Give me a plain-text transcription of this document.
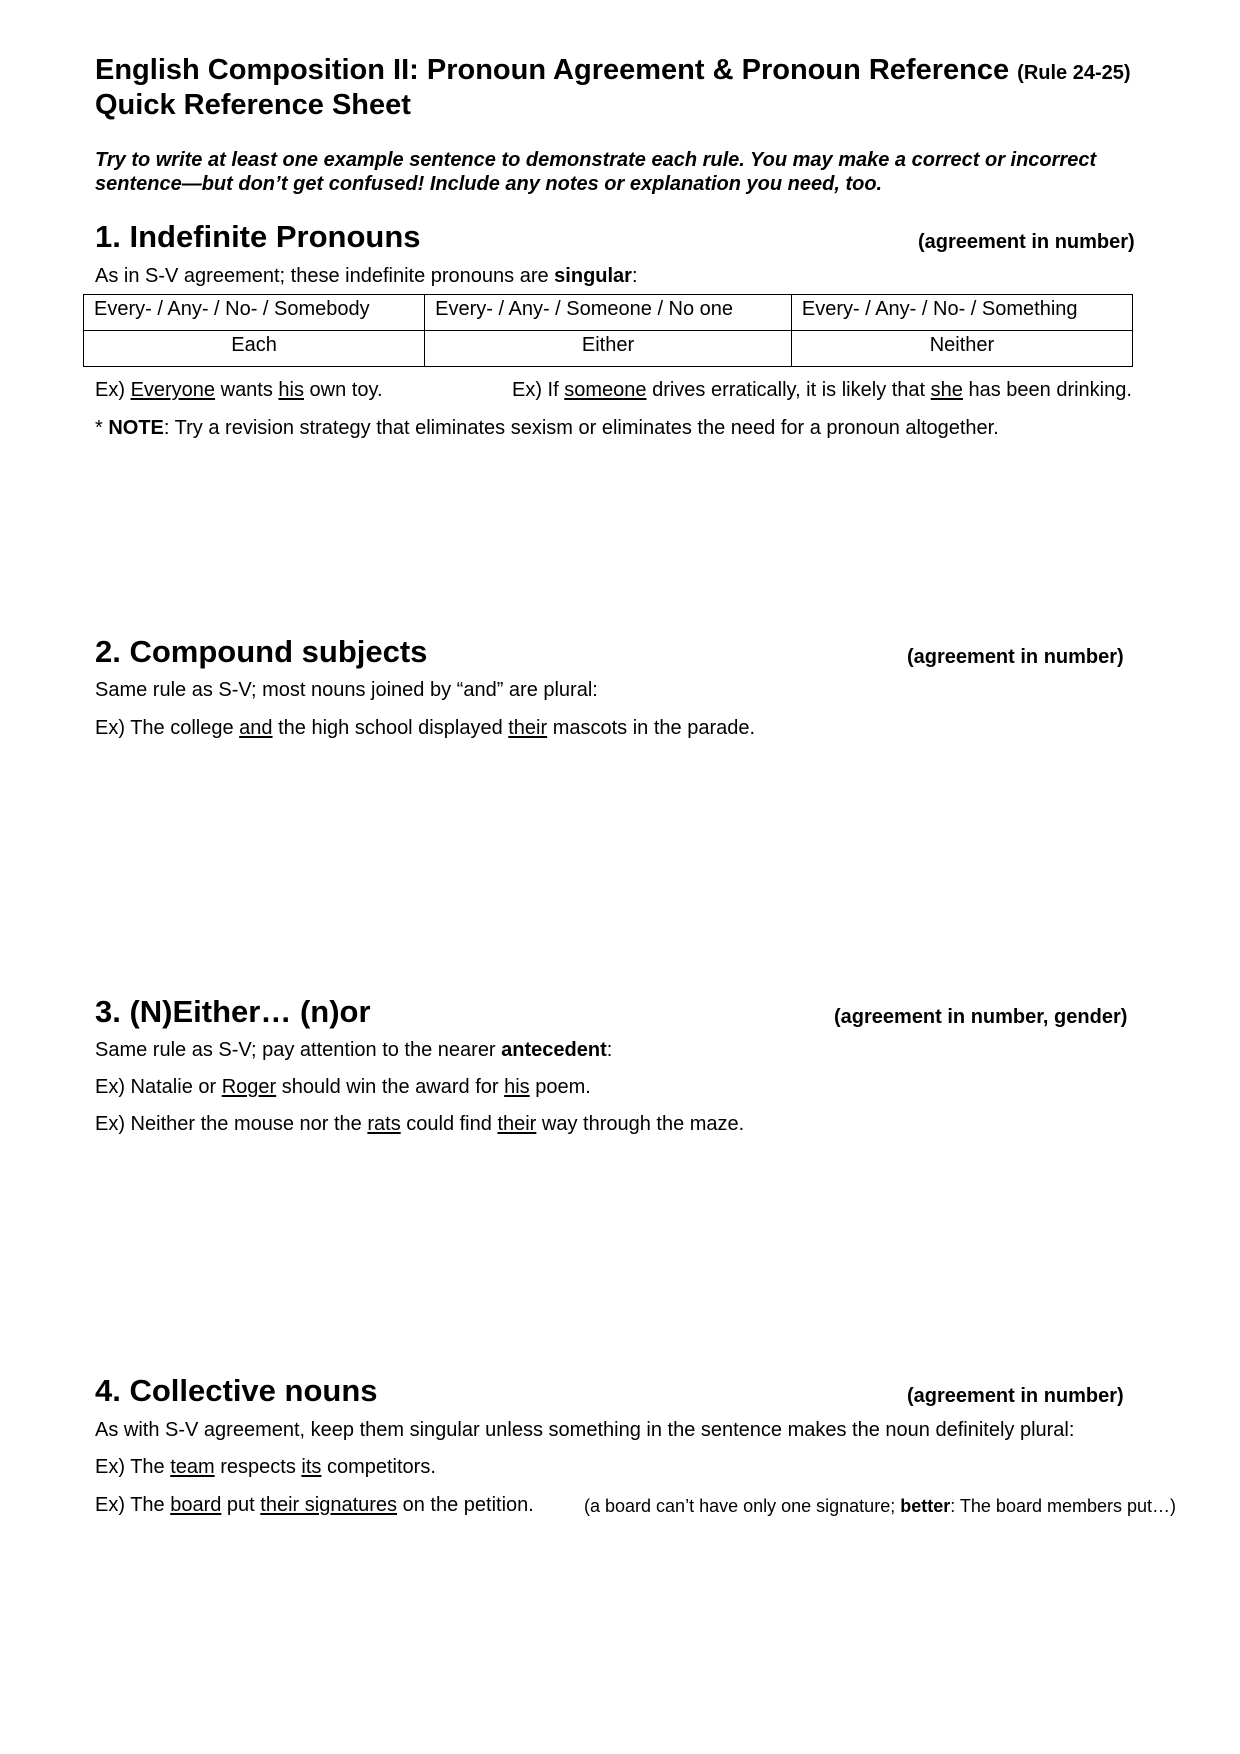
English Composition II: Pronoun Agreement & Pronoun Reference (Rule 24-25)
Quick Reference Sheet
Try to write at least one example sentence to demonstrate each rule. You may make a correct or incorrect
sentence—but don’t get confused! Include any notes or explanation you need, too.
1. Indefinite Pronouns	(agreement in number)
As in S-V agreement; these indefinite pronouns are singular:
Every- / Any- / No- / Somebody	Every- / Any- / Someone / No one	Every- / Any- / No- / Something
Each	Either	Neither
Ex) Everyone wants his own toy.	Ex) If someone drives erratically, it is likely that she has been drinking.
* NOTE: Try a revision strategy that eliminates sexism or eliminates the need for a pronoun altogether.
2. Compound subjects	(agreement in number)
Same rule as S-V; most nouns joined by “and” are plural:
Ex) The college and the high school displayed their mascots in the parade.
3. (N)Either… (n)or	(agreement in number, gender)
Same rule as S-V; pay attention to the nearer antecedent:
Ex) Natalie or Roger should win the award for his poem.
Ex) Neither the mouse nor the rats could find their way through the maze.
4. Collective nouns	(agreement in number)
As with S-V agreement, keep them singular unless something in the sentence makes the noun definitely plural:
Ex) The team respects its competitors.
Ex) The board put their signatures on the petition.	(a board can’t have only one signature; better: The board members put…)
